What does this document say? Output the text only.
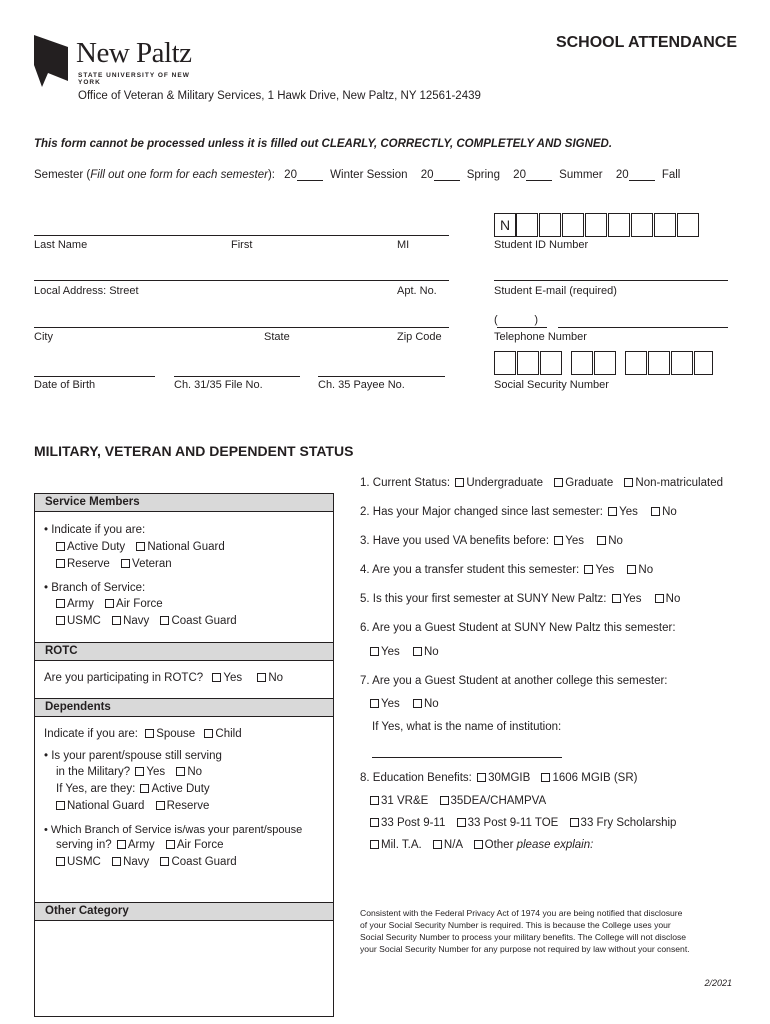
New Paltz
STATE UNIVERSITY OF NEW YORK
SCHOOL ATTENDANCE
Office of Veteran & Military Services, 1 Hawk Drive, New Paltz, NY 12561-2439
This form cannot be processed unless it is filled out CLEARLY, CORRECTLY, COMPLETELY AND SIGNED.
Semester (Fill out one form for each semester): 20	Winter Session 20	Spring 20	Summer 20	Fall
Last Name	First	MI
N
Student ID Number
Local Address: Street	Apt. No.	Student E-mail (required)
City	State	Zip Code
(            )
Telephone Number
Date of Birth	Ch. 31/35 File No.	Ch. 35 Payee No.	Social Security Number
MILITARY, VETERAN AND DEPENDENT STATUS
Service Members
• Indicate if you are:
Active Duty National Guard
Reserve Veteran
• Branch of Service:
Army Air Force
USMC Navy Coast Guard
ROTC
Are you participating in ROTC? Yes No
Dependents
Indicate if you are: Spouse Child
• Is your parent/spouse still serving
in the Military? Yes No
If Yes, are they: Active Duty
National Guard Reserve
• Which Branch of Service is/was your parent/spouse
serving in? Army Air Force
USMC Navy Coast Guard
Other Category
1. Current Status: Undergraduate Graduate Non-matriculated
2. Has your Major changed since last semester: Yes No
3. Have you used VA benefits before: Yes No
4. Are you a transfer student this semester: Yes No
5. Is this your first semester at SUNY New Paltz: Yes No
6. Are you a Guest Student at SUNY New Paltz this semester:
Yes No
7. Are you a Guest Student at another college this semester:
Yes No
If Yes, what is the name of institution:
8. Education Benefits: 30MGIB 1606 MGIB (SR)
31 VR&E 35DEA/CHAMPVA
33 Post 9-11 33 Post 9-11 TOE 33 Fry Scholarship
Mil. T.A. N/A Other please explain:
Consistent with the Federal Privacy Act of 1974 you are being notified that disclosure
of your Social Security Number is required. This is because the College uses your
Social Security Number to process your military benefits. The College will not disclose
your Social Security Number for any purpose not required by law without your consent.
2/2021
